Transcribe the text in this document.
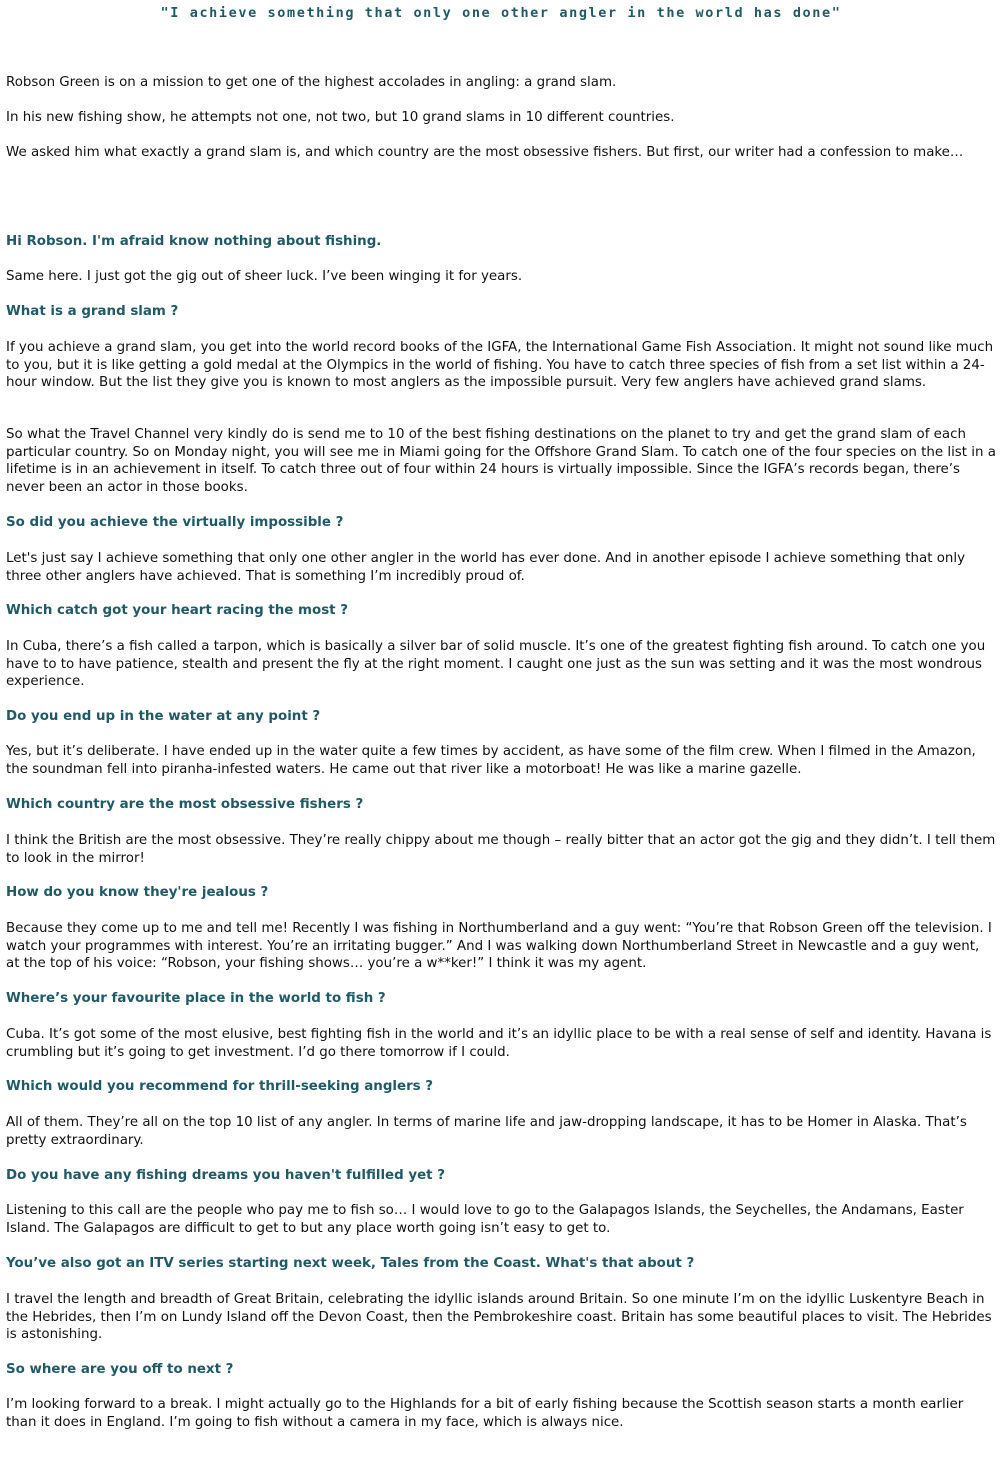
"I achieve something that only one other angler in the world has done"

Robson Green is on a mission to get one of the highest accolades in angling: a grand slam.

In his new fishing show, he attempts not one, not two, but 10 grand slams in 10 different countries.

We asked him what exactly a grand slam is, and which country are the most obsessive fishers. But first, our writer had a confession to make…

Hi Robson. I'm afraid know nothing about fishing.

Same here. I just got the gig out of sheer luck. I’ve been winging it for years.

What is a grand slam ?

If you achieve a grand slam, you get into the world record books of the IGFA, the International Game Fish Association. It might not sound like much to you, but it is like getting a gold medal at the Olympics in the world of fishing. You have to catch three species of fish from a set list within a 24-hour window. But the list they give you is known to most anglers as the impossible pursuit. Very few anglers have achieved grand slams.

So what the Travel Channel very kindly do is send me to 10 of the best fishing destinations on the planet to try and get the grand slam of each particular country. So on Monday night, you will see me in Miami going for the Offshore Grand Slam. To catch one of the four species on the list in a lifetime is in an achievement in itself. To catch three out of four within 24 hours is virtually impossible. Since the IGFA’s records began, there’s never been an actor in those books.

So did you achieve the virtually impossible ?

Let's just say I achieve something that only one other angler in the world has ever done. And in another episode I achieve something that only three other anglers have achieved. That is something I’m incredibly proud of.

Which catch got your heart racing the most ?

In Cuba, there’s a fish called a tarpon, which is basically a silver bar of solid muscle. It’s one of the greatest fighting fish around. To catch one you have to to have patience, stealth and present the fly at the right moment. I caught one just as the sun was setting and it was the most wondrous experience.

Do you end up in the water at any point ?

Yes, but it’s deliberate. I have ended up in the water quite a few times by accident, as have some of the film crew. When I filmed in the Amazon, the soundman fell into piranha-infested waters. He came out that river like a motorboat! He was like a marine gazelle.

Which country are the most obsessive fishers ?

I think the British are the most obsessive. They’re really chippy about me though – really bitter that an actor got the gig and they didn’t. I tell them to look in the mirror!

How do you know they're jealous ?

Because they come up to me and tell me! Recently I was fishing in Northumberland and a guy went: “You’re that Robson Green off the television. I watch your programmes with interest. You’re an irritating bugger.” And I was walking down Northumberland Street in Newcastle and a guy went, at the top of his voice: “Robson, your fishing shows… you’re a w**ker!” I think it was my agent.

Where’s your favourite place in the world to fish ?

Cuba. It’s got some of the most elusive, best fighting fish in the world and it’s an idyllic place to be with a real sense of self and identity. Havana is crumbling but it’s going to get investment. I’d go there tomorrow if I could.

Which would you recommend for thrill-seeking anglers ?

All of them. They’re all on the top 10 list of any angler. In terms of marine life and jaw-dropping landscape, it has to be Homer in Alaska. That’s pretty extraordinary.

Do you have any fishing dreams you haven't fulfilled yet ?

Listening to this call are the people who pay me to fish so… I would love to go to the Galapagos Islands, the Seychelles, the Andamans, Easter Island. The Galapagos are difficult to get to but any place worth going isn’t easy to get to.

You’ve also got an ITV series starting next week, Tales from the Coast. What's that about ?

I travel the length and breadth of Great Britain, celebrating the idyllic islands around Britain. So one minute I’m on the idyllic Luskentyre Beach in the Hebrides, then I’m on Lundy Island off the Devon Coast, then the Pembrokeshire coast. Britain has some beautiful places to visit. The Hebrides is astonishing.

So where are you off to next ?

I’m looking forward to a break. I might actually go to the Highlands for a bit of early fishing because the Scottish season starts a month earlier than it does in England. I’m going to fish without a camera in my face, which is always nice.
